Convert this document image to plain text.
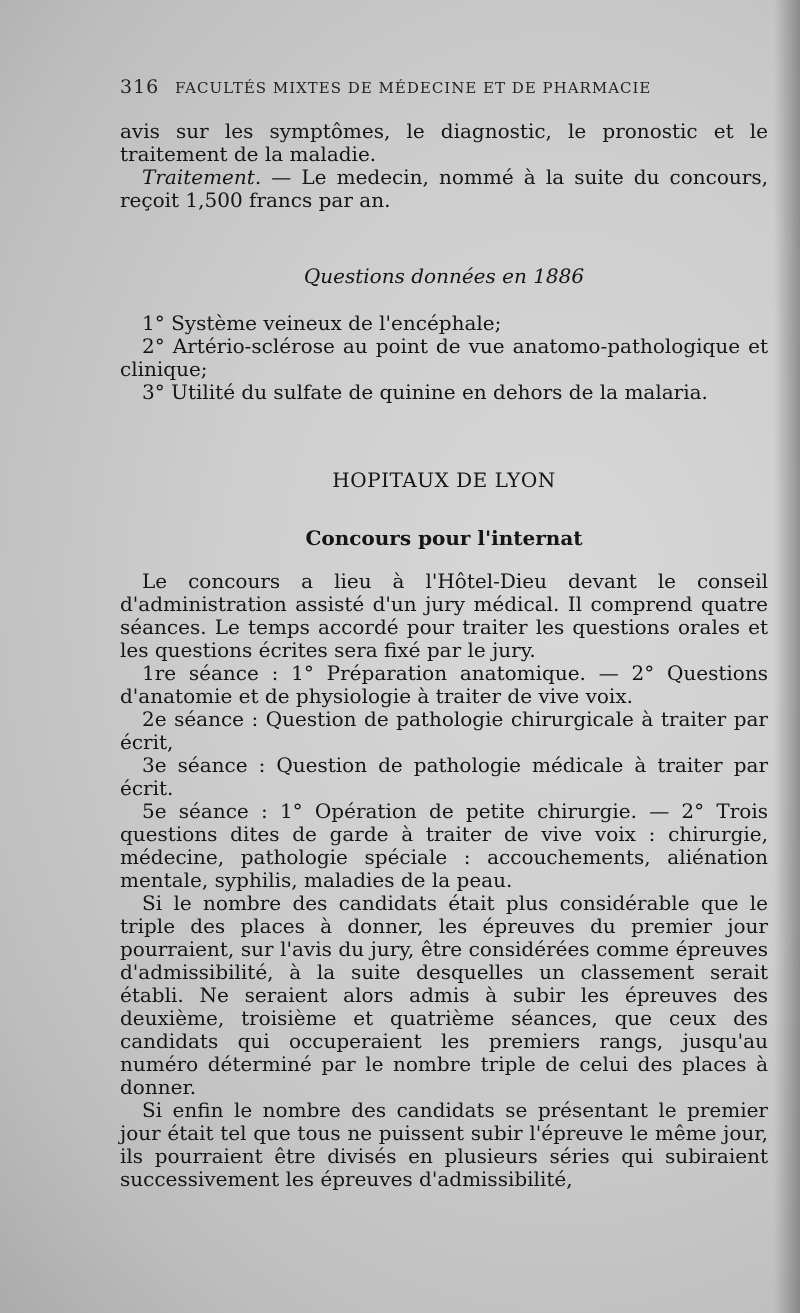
316 FACULTÉS MIXTES DE MÉDECINE ET DE PHARMACIE

avis sur les symptômes, le diagnostic, le pronostic et le traitement de la maladie.

Traitement. — Le medecin, nommé à la suite du concours, reçoit 1,500 francs par an.

Questions données en 1886
1° Système veineux de l'encéphale;
2° Artério-sclérose au point de vue anatomo-pathologique et clinique;
3° Utilité du sulfate de quinine en dehors de la malaria.
HOPITAUX DE LYON
Concours pour l'internat

Le concours a lieu à l'Hôtel-Dieu devant le conseil d'administration assisté d'un jury médical. Il comprend quatre séances. Le temps accordé pour traiter les questions orales et les questions écrites sera fixé par le jury.

1re séance : 1° Préparation anatomique. — 2° Questions d'anatomie et de physiologie à traiter de vive voix.

2e séance : Question de pathologie chirurgicale à traiter par écrit,

3e séance : Question de pathologie médicale à traiter par écrit.

5e séance : 1° Opération de petite chirurgie. — 2° Trois questions dites de garde à traiter de vive voix : chirurgie, médecine, pathologie spéciale : accouchements, aliénation mentale, syphilis, maladies de la peau.

Si le nombre des candidats était plus considérable que le triple des places à donner, les épreuves du premier jour pourraient, sur l'avis du jury, être considérées comme épreuves d'admissibilité, à la suite desquelles un classement serait établi. Ne seraient alors admis à subir les épreuves des deuxième, troisième et quatrième séances, que ceux des candidats qui occuperaient les premiers rangs, jusqu'au numéro déterminé par le nombre triple de celui des places à donner.

Si enfin le nombre des candidats se présentant le premier jour était tel que tous ne puissent subir l'épreuve le même jour, ils pourraient être divisés en plusieurs séries qui subiraient successivement les épreuves d'admissibilité,
